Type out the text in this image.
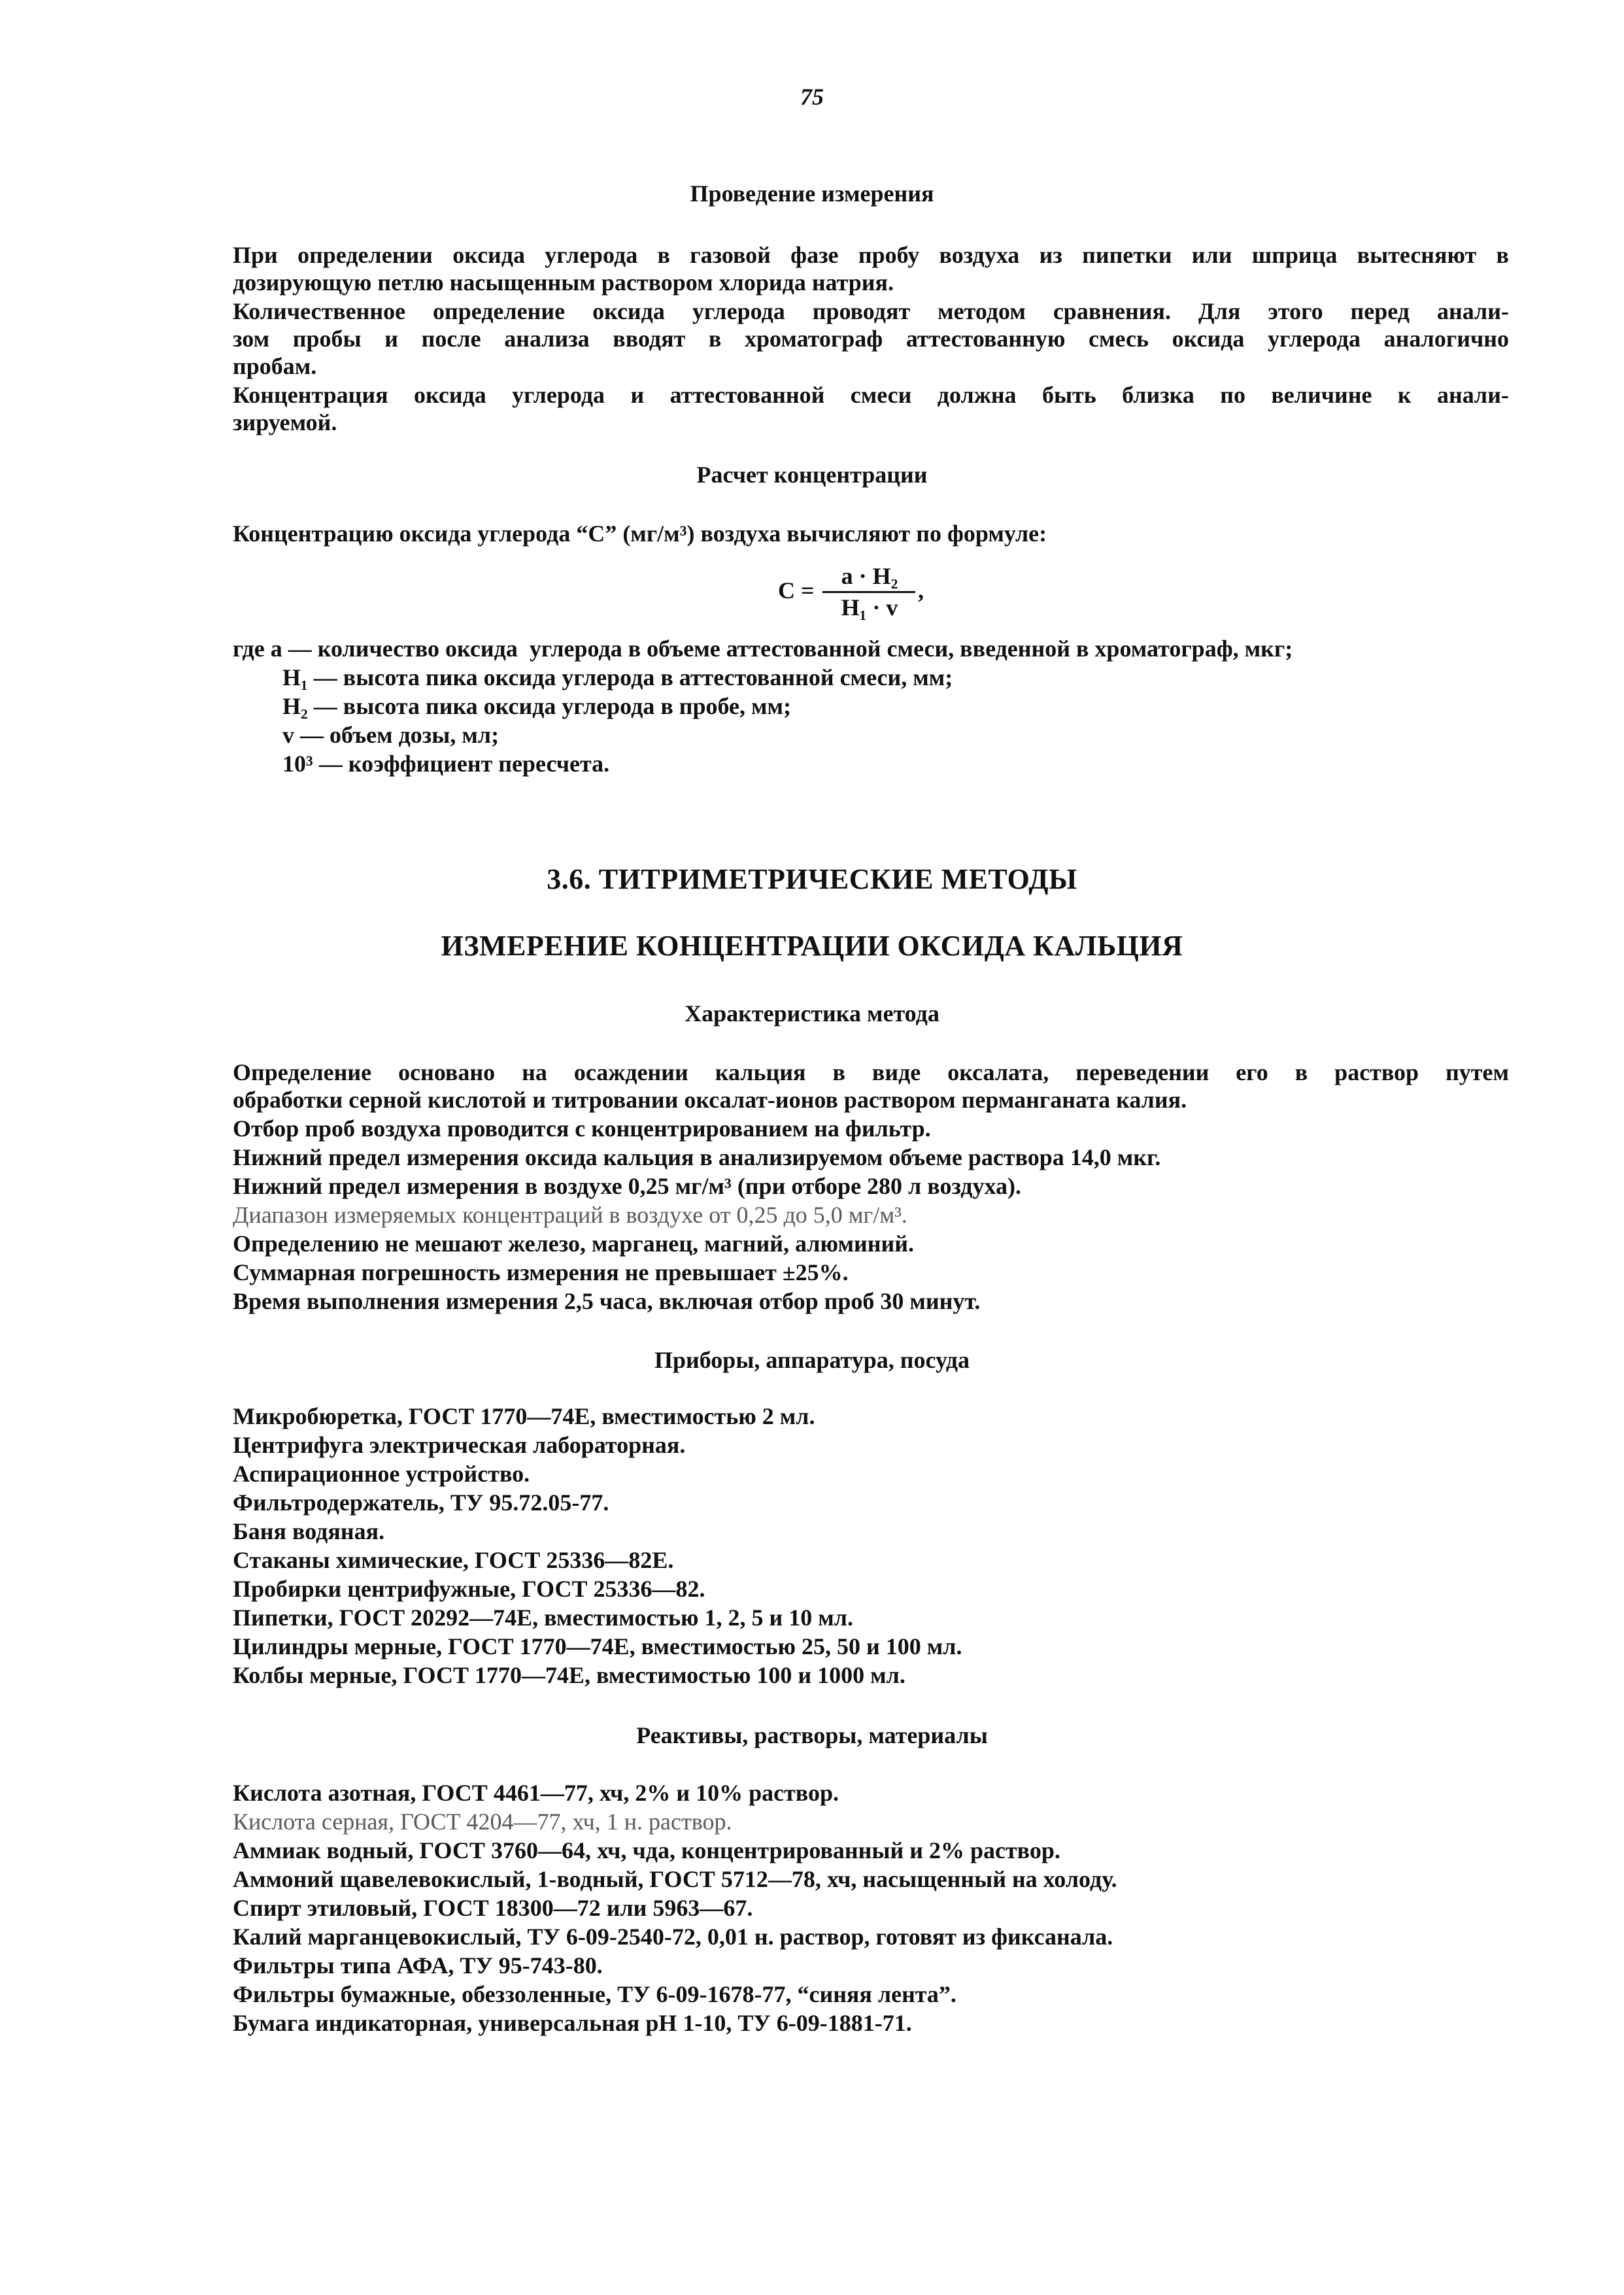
75
Проведение измерения
При определении оксида углерода в газовой фазе пробу воздуха из пипетки или шприца вытесняют в
дозирующую петлю насыщенным раствором хлорида натрия.
Количественное определение оксида углерода проводят методом сравнения. Для этого перед анали-
зом пробы и после анализа вводят в хроматограф аттестованную смесь оксида углерода аналогично
пробам.
Концентрация оксида углерода и аттестованной смеси должна быть близка по величине к анали-
зируемой.
Расчет концентрации
Концентрацию оксида углерода “С” (мг/м³) воздуха вычисляют по формуле:
С =
а · Н₂
Н₁ · v
,
где а — количество оксида  углерода в объеме аттестованной смеси, введенной в хроматограф, мкг;
Н₁ — высота пика оксида углерода в аттестованной смеси, мм;
Н₂ — высота пика оксида углерода в пробе, мм;
v — объем дозы, мл;
10³ — коэффициент пересчета.
3.6. ТИТРИМЕТРИЧЕСКИЕ МЕТОДЫ
ИЗМЕРЕНИЕ КОНЦЕНТРАЦИИ ОКСИДА КАЛЬЦИЯ
Характеристика метода
Определение основано на осаждении кальция в виде оксалата, переведении его в раствор путем
обработки серной кислотой и титровании оксалат-ионов раствором перманганата калия.
Отбор проб воздуха проводится с концентрированием на фильтр.
Нижний предел измерения оксида кальция в анализируемом объеме раствора 14,0 мкг.
Нижний предел измерения в воздухе 0,25 мг/м³ (при отборе 280 л воздуха).
Диапазон измеряемых концентраций в воздухе от 0,25 до 5,0 мг/м³.
Определению не мешают железо, марганец, магний, алюминий.
Суммарная погрешность измерения не превышает ±25%.
Время выполнения измерения 2,5 часа, включая отбор проб 30 минут.
Приборы, аппаратура, посуда
Микробюретка, ГОСТ 1770—74Е, вместимостью 2 мл.
Центрифуга электрическая лабораторная.
Аспирационное устройство.
Фильтродержатель, ТУ 95.72.05-77.
Баня водяная.
Стаканы химические, ГОСТ 25336—82Е.
Пробирки центрифужные, ГОСТ 25336—82.
Пипетки, ГОСТ 20292—74Е, вместимостью 1, 2, 5 и 10 мл.
Цилиндры мерные, ГОСТ 1770—74Е, вместимостью 25, 50 и 100 мл.
Колбы мерные, ГОСТ 1770—74Е, вместимостью 100 и 1000 мл.
Реактивы, растворы, материалы
Кислота азотная, ГОСТ 4461—77, хч, 2% и 10% раствор.
Кислота серная, ГОСТ 4204—77, хч, 1 н. раствор.
Аммиак водный, ГОСТ 3760—64, хч, чда, концентрированный и 2% раствор.
Аммоний щавелевокислый, 1-водный, ГОСТ 5712—78, хч, насыщенный на холоду.
Спирт этиловый, ГОСТ 18300—72 или 5963—67.
Калий марганцевокислый, ТУ 6-09-2540-72, 0,01 н. раствор, готовят из фиксанала.
Фильтры типа АФА, ТУ 95-743-80.
Фильтры бумажные, обеззоленные, ТУ 6-09-1678-77, “синяя лента”.
Бумага индикаторная, универсальная pH 1-10, ТУ 6-09-1881-71.
